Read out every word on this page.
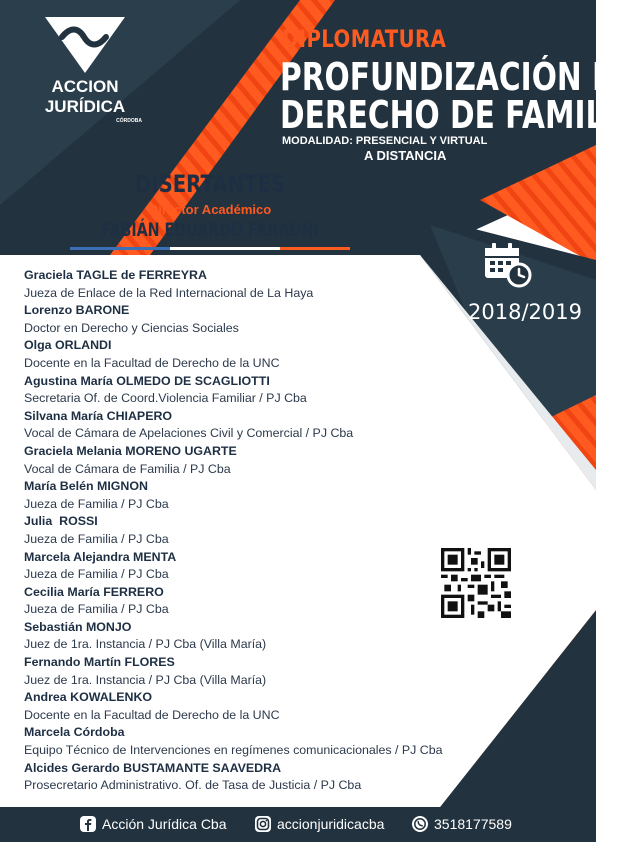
ACCION
JURÍDICA
CÓRDOBA
DIPLOMATURA
PROFUNDIZACIÓN EN
DERECHO DE FAMILIA
MODALIDAD: PRESENCIAL Y VIRTUAL
A DISTANCIA
DISERTANTES
Director Académico
FABIÁN EDUARDO FARAONI
Graciela TAGLE de FERREYRA
Jueza de Enlace de la Red Internacional de La Haya
Lorenzo BARONE
Doctor en Derecho y Ciencias Sociales
Olga ORLANDI
Docente en la Facultad de Derecho de la UNC
Agustina María OLMEDO DE SCAGLIOTTI
Secretaria Of. de Coord.Violencia Familiar / PJ Cba
Silvana María CHIAPERO
Vocal de Cámara de Apelaciones Civil y Comercial / PJ Cba
Graciela Melania MORENO UGARTE
Vocal de Cámara de Familia / PJ Cba
María Belén MIGNON
Jueza de Familia / PJ Cba
Julia  ROSSI
Jueza de Familia / PJ Cba
Marcela Alejandra MENTA
Jueza de Familia / PJ Cba
Cecilia María FERRERO
Jueza de Familia / PJ Cba
Sebastián MONJO
Juez de 1ra. Instancia / PJ Cba (Villa María)
Fernando Martín FLORES
Juez de 1ra. Instancia / PJ Cba (Villa María)
Andrea KOWALENKO
Docente en la Facultad de Derecho de la UNC
Marcela Córdoba
Equipo Técnico de Intervenciones en regímenes comunicacionales / PJ Cba
Alcides Gerardo BUSTAMANTE SAAVEDRA
Prosecretario Administrativo. Of. de Tasa de Justicia / PJ Cba
2018/2019
CONSULTAS/INSCRIPCIONES
www.accionjuridicacba.com.ar
Acción Jurídica Cba	accionjuridicacba	3518177589
